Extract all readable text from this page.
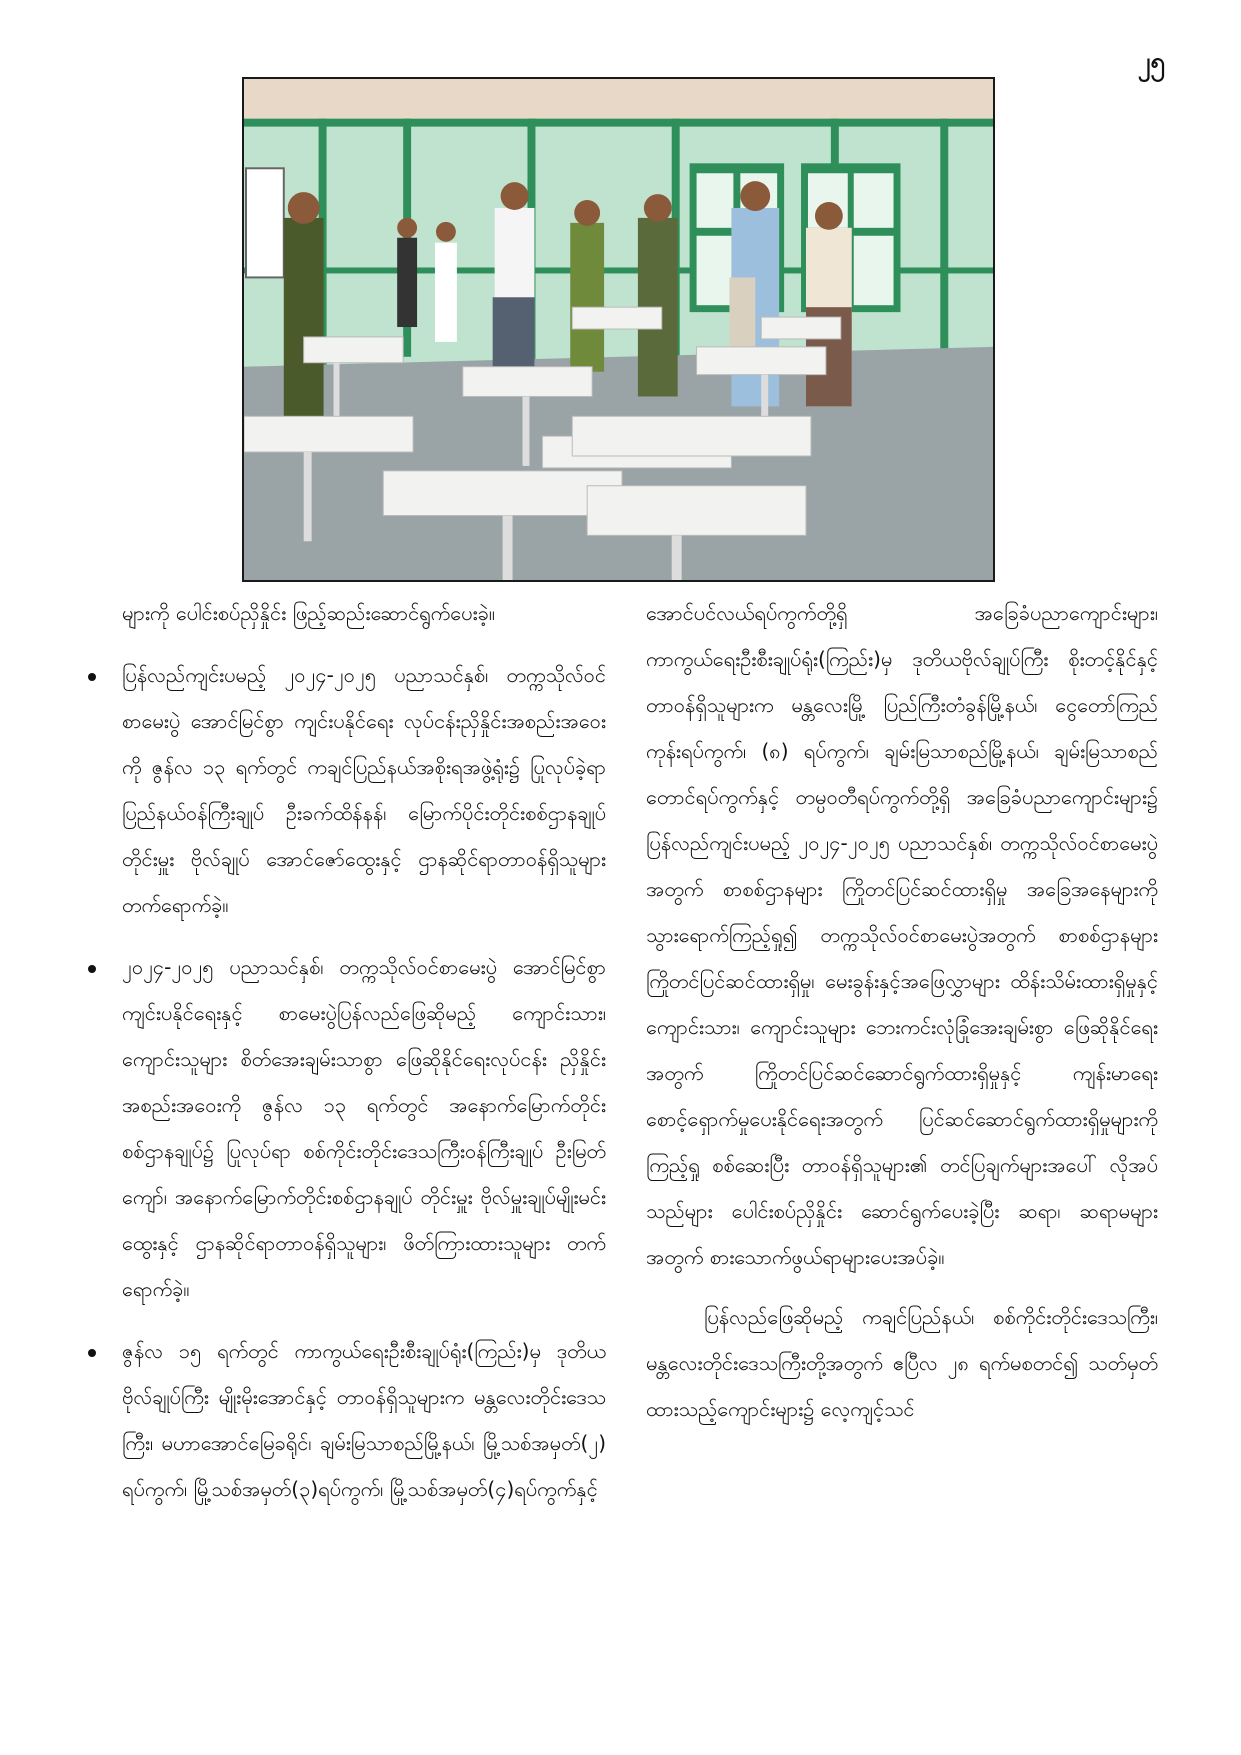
၂၅

များကို ပေါင်းစပ်ညှိနှိုင်း ဖြည့်ဆည်းဆောင်ရွက်ပေးခဲ့။

ပြန်လည်ကျင်းပမည့် ၂၀၂၄-၂၀၂၅ ပညာသင်နှစ်၊ တက္ကသိုလ်ဝင်စာမေးပွဲ အောင်မြင်စွာ ကျင်းပနိုင်ရေး လုပ်ငန်းညှိနှိုင်းအစည်းအဝေးကို ဇွန်လ ၁၃ ရက်တွင် ကချင်ပြည်နယ်အစိုးရအဖွဲ့ရုံး၌ ပြုလုပ်ခဲ့ရာ ပြည်နယ်ဝန်ကြီးချုပ် ဦးခက်ထိန်နန်၊ မြောက်ပိုင်းတိုင်းစစ်ဌာနချုပ် တိုင်းမှူး ဗိုလ်ချုပ် အောင်ဇော်ထွေးနှင့် ဌာနဆိုင်ရာတာဝန်ရှိသူများ တက်ရောက်ခဲ့။
၂၀၂၄-၂၀၂၅ ပညာသင်နှစ်၊ တက္ကသိုလ်ဝင်စာမေးပွဲ အောင်မြင်စွာကျင်းပနိုင်ရေးနှင့် စာမေးပွဲပြန်လည်ဖြေဆိုမည့် ကျောင်းသား၊ ကျောင်းသူများ စိတ်အေးချမ်းသာစွာ ဖြေဆိုနိုင်ရေးလုပ်ငန်း ညှိနှိုင်းအစည်းအဝေးကို ဇွန်လ ၁၃ ရက်တွင် အနောက်မြောက်တိုင်းစစ်ဌာနချုပ်၌ ပြုလုပ်ရာ စစ်ကိုင်းတိုင်းဒေသကြီးဝန်ကြီးချုပ် ဦးမြတ်ကျော်၊ အနောက်မြောက်တိုင်းစစ်ဌာနချုပ် တိုင်းမှူး ဗိုလ်မှူးချုပ်မျိုးမင်းထွေးနှင့် ဌာနဆိုင်ရာတာဝန်ရှိသူများ၊ ဖိတ်ကြားထားသူများ တက်ရောက်ခဲ့။
ဇွန်လ ၁၅ ရက်တွင် ကာကွယ်ရေးဦးစီးချုပ်ရုံး(ကြည်း)မှ ဒုတိယဗိုလ်ချုပ်ကြီး မျိုးမိုးအောင်နှင့် တာဝန်ရှိသူများက မန္တလေးတိုင်းဒေသကြီး၊ မဟာအောင်မြေခရိုင်၊ ချမ်းမြသာစည်မြို့နယ်၊ မြို့သစ်အမှတ်(၂) ရပ်ကွက်၊ မြို့သစ်အမှတ်(၃)ရပ်ကွက်၊ မြို့သစ်အမှတ်(၄)ရပ်ကွက်နှင့်

အောင်ပင်လယ်ရပ်ကွက်တို့ရှိ အခြေခံပညာကျောင်းများ၊ ကာကွယ်ရေးဦးစီးချုပ်ရုံး(ကြည်း)မှ ဒုတိယဗိုလ်ချုပ်ကြီး စိုးတင့်နိုင်နှင့် တာဝန်ရှိသူများက မန္တလေးမြို့ ပြည်ကြီးတံခွန်မြို့နယ်၊ ငွေတော်ကြည်ကုန်းရပ်ကွက်၊ (၈) ရပ်ကွက်၊ ချမ်းမြသာစည်မြို့နယ်၊ ချမ်းမြသာစည် တောင်ရပ်ကွက်နှင့် တမ္ပဝတီရပ်ကွက်တို့ရှိ အခြေခံပညာကျောင်းများ၌ ပြန်လည်ကျင်းပမည့် ၂၀၂၄-၂၀၂၅ ပညာသင်နှစ်၊ တက္ကသိုလ်ဝင်စာမေးပွဲအတွက် စာစစ်ဌာနများ ကြိုတင်ပြင်ဆင်ထားရှိမှု အခြေအနေများကို သွားရောက်ကြည့်ရှု၍ တက္ကသိုလ်ဝင်စာမေးပွဲအတွက် စာစစ်ဌာနများ ကြိုတင်ပြင်ဆင်ထားရှိမှု၊ မေးခွန်းနှင့်အဖြေလွှာများ ထိန်းသိမ်းထားရှိမှုနှင့် ကျောင်းသား၊ ကျောင်းသူများ ဘေးကင်းလုံခြုံအေးချမ်းစွာ ဖြေဆိုနိုင်ရေးအတွက် ကြိုတင်ပြင်ဆင်ဆောင်ရွက်ထားရှိမှုနှင့် ကျန်းမာရေးစောင့်ရှောက်မှုပေးနိုင်ရေးအတွက် ပြင်ဆင်ဆောင်ရွက်ထားရှိမှုများကို ကြည့်ရှု စစ်ဆေးပြီး တာဝန်ရှိသူများ၏ တင်ပြချက်များအပေါ် လိုအပ်သည်များ ပေါင်းစပ်ညှိနှိုင်း ဆောင်ရွက်ပေးခဲ့ပြီး ဆရာ၊ ဆရာမများအတွက် စားသောက်ဖွယ်ရာများပေးအပ်ခဲ့။

ပြန်လည်ဖြေဆိုမည့် ကချင်ပြည်နယ်၊ စစ်ကိုင်းတိုင်းဒေသကြီး၊ မန္တလေးတိုင်းဒေသကြီးတို့အတွက် ဧပြီလ ၂၈ ရက်မစတင်၍ သတ်မှတ်ထားသည့်ကျောင်းများ၌ လေ့ကျင့်သင်
